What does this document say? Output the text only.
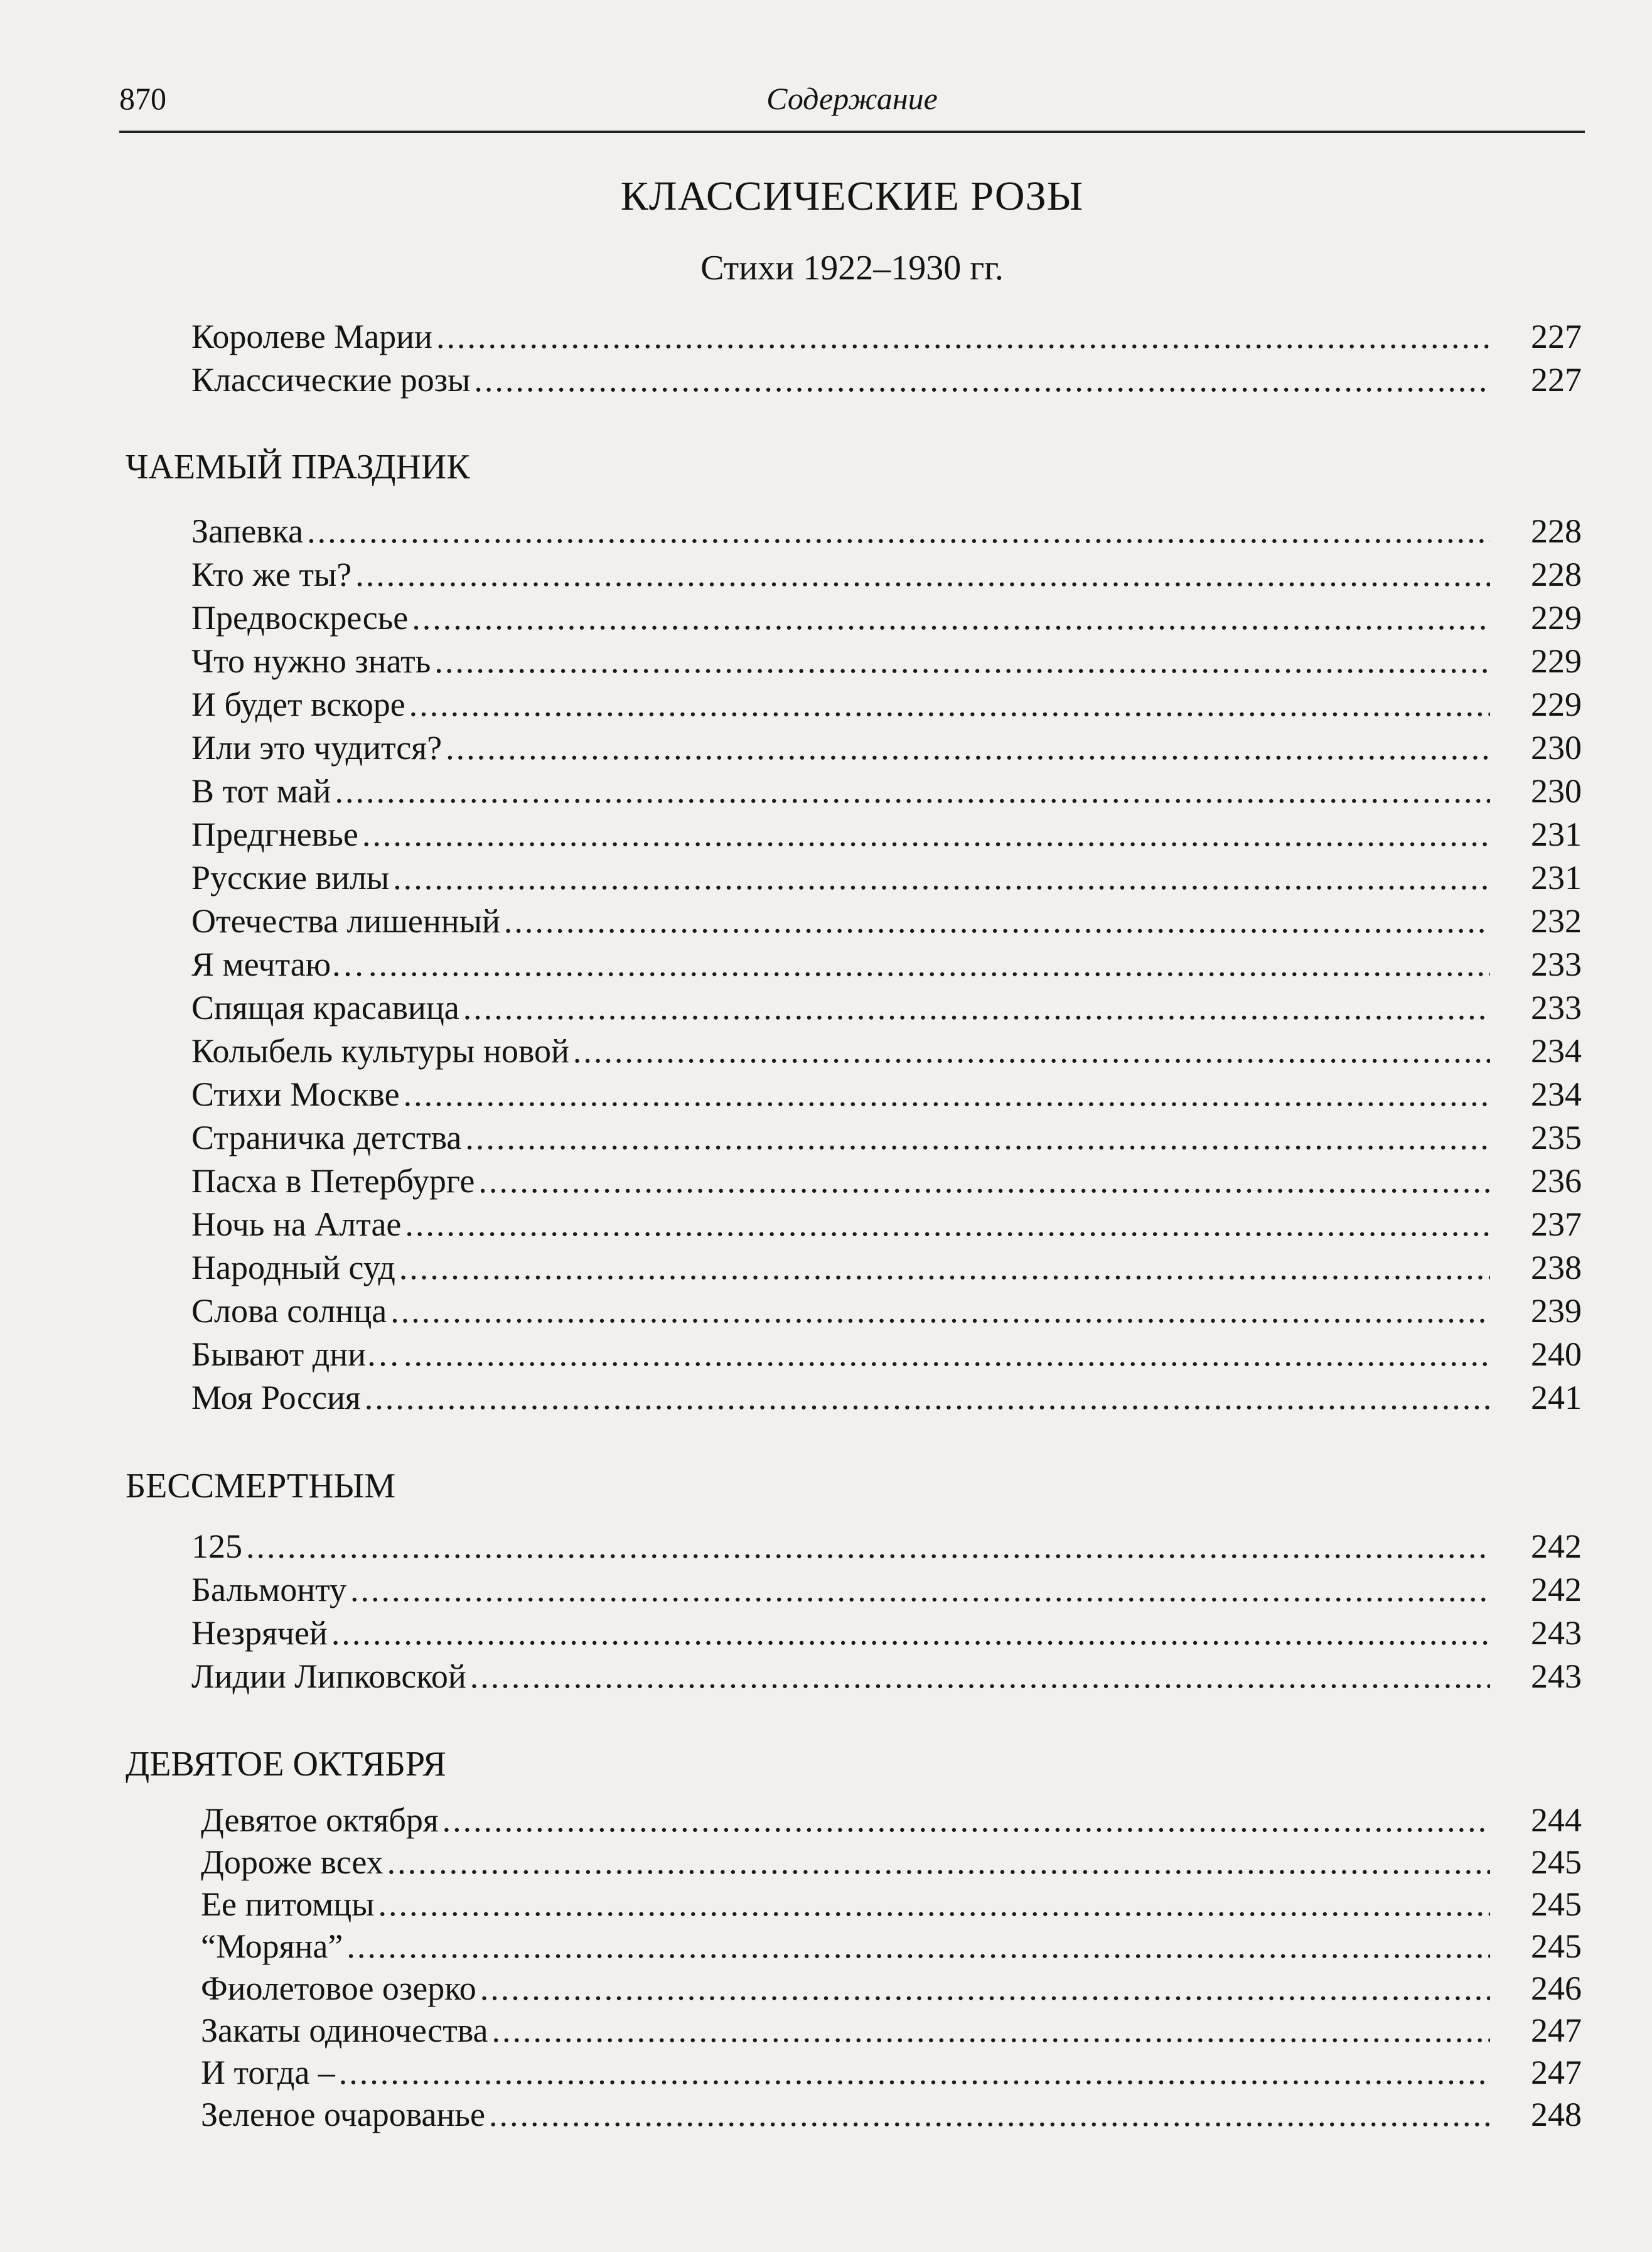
870	Содержание
КЛАССИЧЕСКИЕ РОЗЫ
Стихи 1922–1930 гг.
Королеве Марии .....	227
Классические розы .....	227
ЧАЕМЫЙ ПРАЗДНИК
Запевка .....	228
Кто же ты? .....	228
Предвоскресье .....	229
Что нужно знать .....	229
И будет вскоре .....	229
Или это чудится? .....	230
В тот май .....	230
Предгневье .....	231
Русские вилы .....	231
Отечества лишенный .....	232
Я мечтаю… .....	233
Спящая красавица .....	233
Колыбель культуры новой .....	234
Стихи Москве .....	234
Страничка детства .....	235
Пасха в Петербурге .....	236
Ночь на Алтае .....	237
Народный суд .....	238
Слова солнца .....	239
Бывают дни… .....	240
Моя Россия .....	241
БЕССМЕРТНЫМ
125 .....	242
Бальмонту .....	242
Незрячей .....	243
Лидии Липковской .....	243
ДЕВЯТОЕ ОКТЯБРЯ
Девятое октября .....	244
Дороже всех .....	245
Ее питомцы .....	245
“Моряна” .....	245
Фиолетовое озерко .....	246
Закаты одиночества .....	247
И тогда – .....	247
Зеленое очарованье .....	248
